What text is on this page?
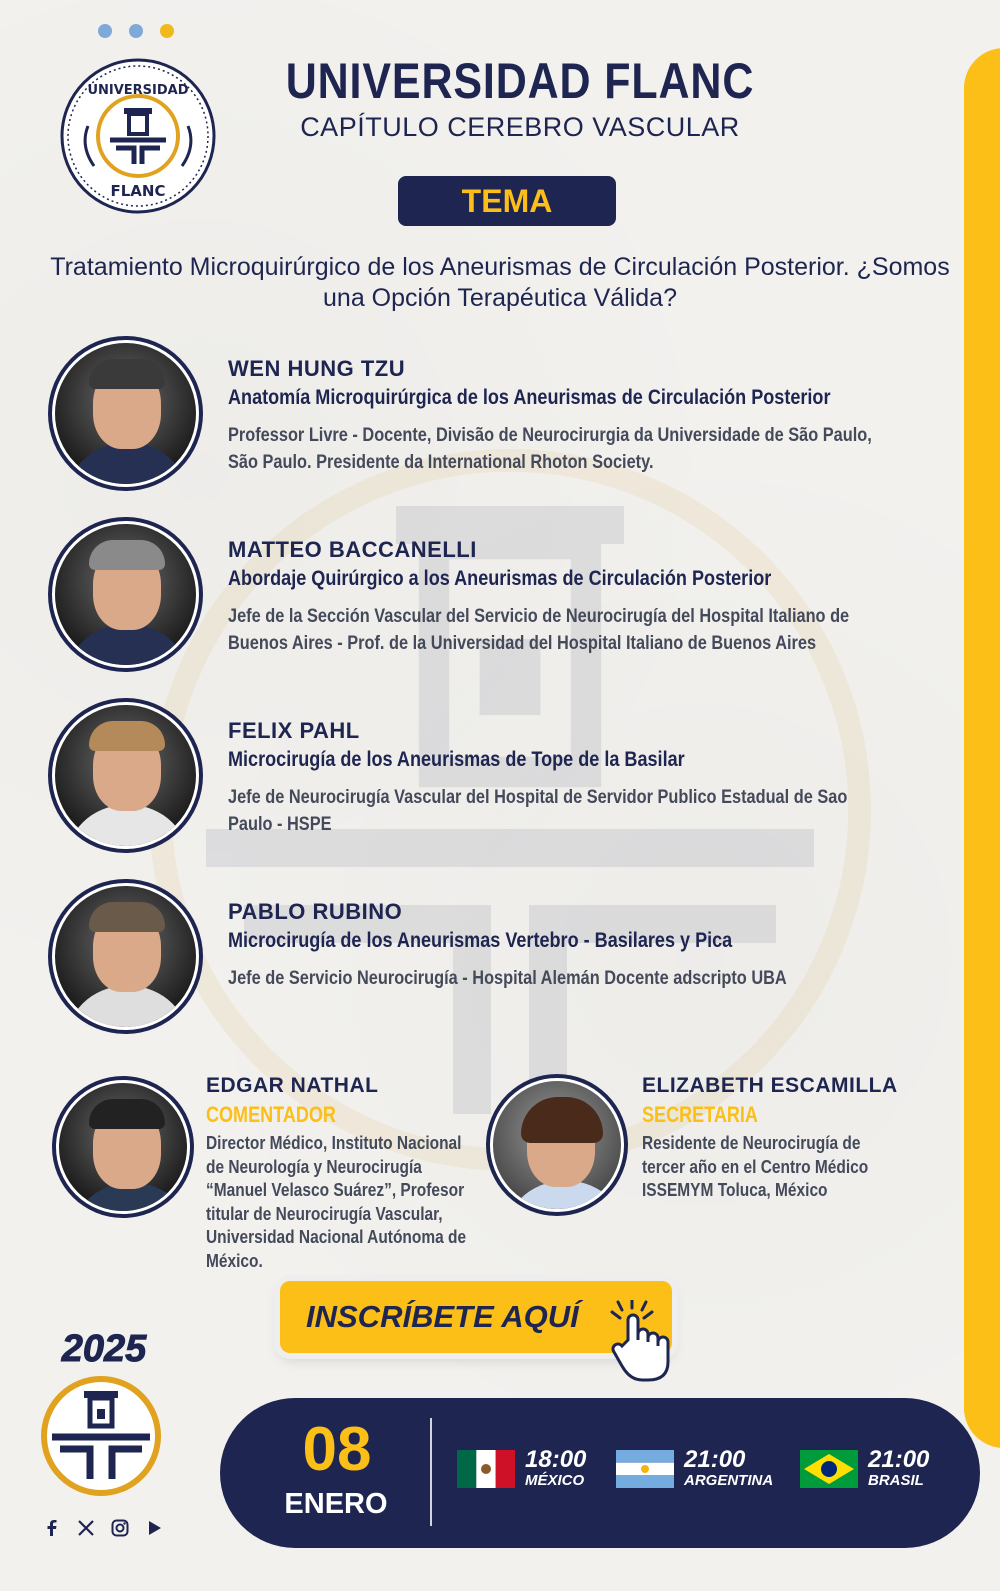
UNIVERSIDAD
FLANC
UNIVERSIDAD FLANC
CAPÍTULO CEREBRO VASCULAR
TEMA
Tratamiento Microquirúrgico de los Aneurismas de Circulación Posterior. ¿Somos una Opción Terapéutica Válida?
WEN HUNG TZU
Anatomía Microquirúrgica de los Aneurismas de Circulación Posterior
Professor Livre - Docente, Divisão de Neurocirurgia da Universidade de São Paulo, São Paulo. Presidente da International Rhoton Society.
MATTEO BACCANELLI
Abordaje Quirúrgico a los Aneurismas de Circulación Posterior
Jefe de la Sección Vascular del Servicio de Neurocirugía del Hospital Italiano de Buenos Aires - Prof. de la Universidad del Hospital Italiano de Buenos Aires
FELIX PAHL
Microcirugía de los Aneurismas de Tope de la Basilar
Jefe de Neurocirugía Vascular del Hospital de Servidor Publico Estadual de Sao Paulo - HSPE
PABLO RUBINO
Microcirugía de los Aneurismas Vertebro - Basilares y Pica
Jefe de Servicio Neurocirugía - Hospital Alemán Docente adscripto UBA
EDGAR NATHAL
COMENTADOR
Director Médico, Instituto Nacional de Neurología y Neurocirugía “Manuel Velasco Suárez”, Profesor titular de Neurocirugía Vascular, Universidad Nacional Autónoma de México.
ELIZABETH ESCAMILLA
SECRETARIA
Residente de Neurocirugía de tercer año en el Centro Médico ISSEMYM Toluca, México
INSCRÍBETE AQUÍ
2025
08
ENERO
18:00
MÉXICO
21:00
ARGENTINA
21:00
BRASIL
